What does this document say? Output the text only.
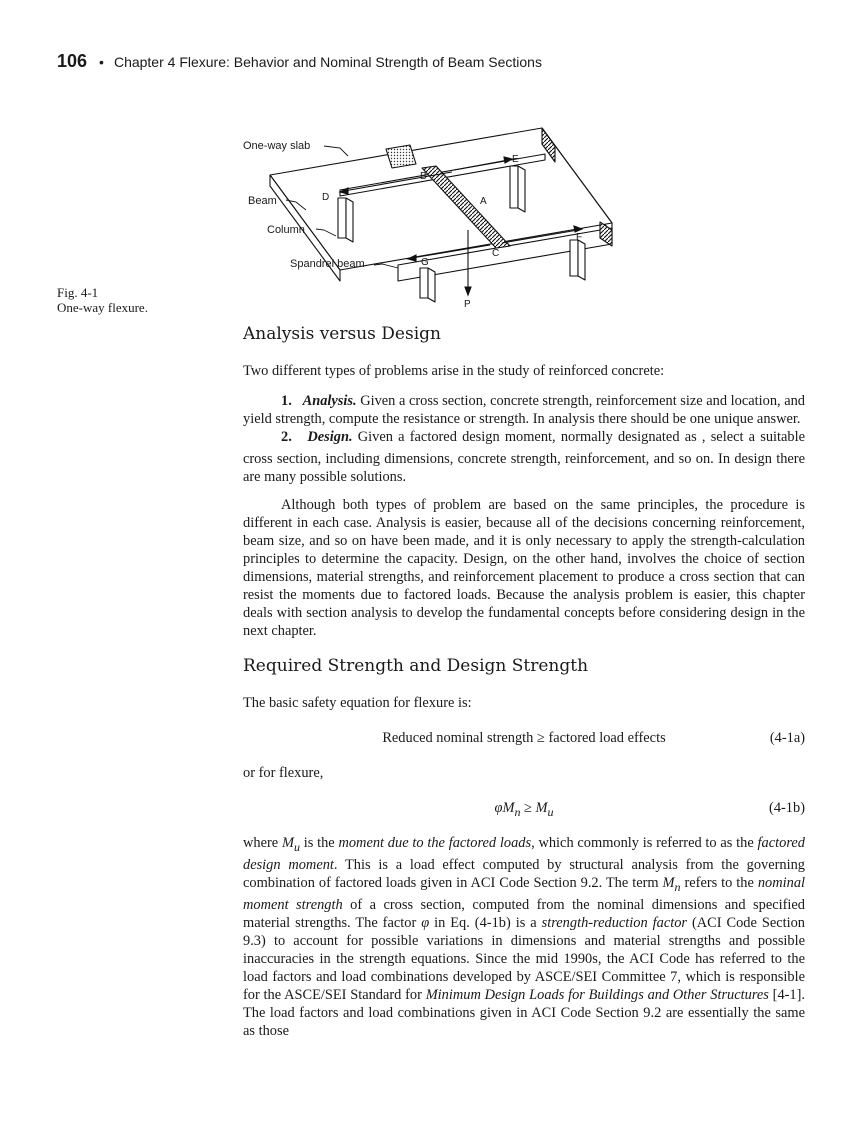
106 • Chapter 4 Flexure: Behavior and Nominal Strength of Beam Sections
One-way slab
Beam
Column
Spandrel beam
B
E
D	A
C
F
G
P
Fig. 4-1
One-way flexure.
Analysis versus Design

Two different types of problems arise in the study of reinforced concrete:

1. Analysis. Given a cross section, concrete strength, reinforcement size and location, and yield strength, compute the resistance or strength. In analysis there should be one unique answer.

2. Design. Given a factored design moment, normally designated as , select a suitable cross section, including dimensions, concrete strength, reinforcement, and so on. In design there are many possible solutions.

Although both types of problem are based on the same principles, the procedure is different in each case. Analysis is easier, because all of the decisions concerning reinforcement, beam size, and so on have been made, and it is only necessary to apply the strength-calculation principles to determine the capacity. Design, on the other hand, involves the choice of section dimensions, material strengths, and reinforcement placement to produce a cross section that can resist the moments due to factored loads. Because the analysis problem is easier, this chapter deals with section analysis to develop the fundamental concepts before considering design in the next chapter.

Required Strength and Design Strength

The basic safety equation for flexure is:

Reduced nominal strength ≥ factored load effects	(4-1a)

or for flexure,

$\varphi M_n \ge M_u$	(4-1b)

where $M_u$ is the moment due to the factored loads, which commonly is referred to as the factored design moment. This is a load effect computed by structural analysis from the governing combination of factored loads given in ACI Code Section 9.2. The term $M_n$ refers to the nominal moment strength of a cross section, computed from the nominal dimensions and specified material strengths. The factor φ in Eq. (4-1b) is a strength-reduction factor (ACI Code Section 9.3) to account for possible variations in dimensions and material strengths and possible inaccuracies in the strength equations. Since the mid 1990s, the ACI Code has referred to the load factors and load combinations developed by ASCE/SEI Committee 7, which is responsible for the ASCE/SEI Standard for Minimum Design Loads for Buildings and Other Structures [4-1]. The load factors and load combinations given in ACI Code Section 9.2 are essentially the same as those
